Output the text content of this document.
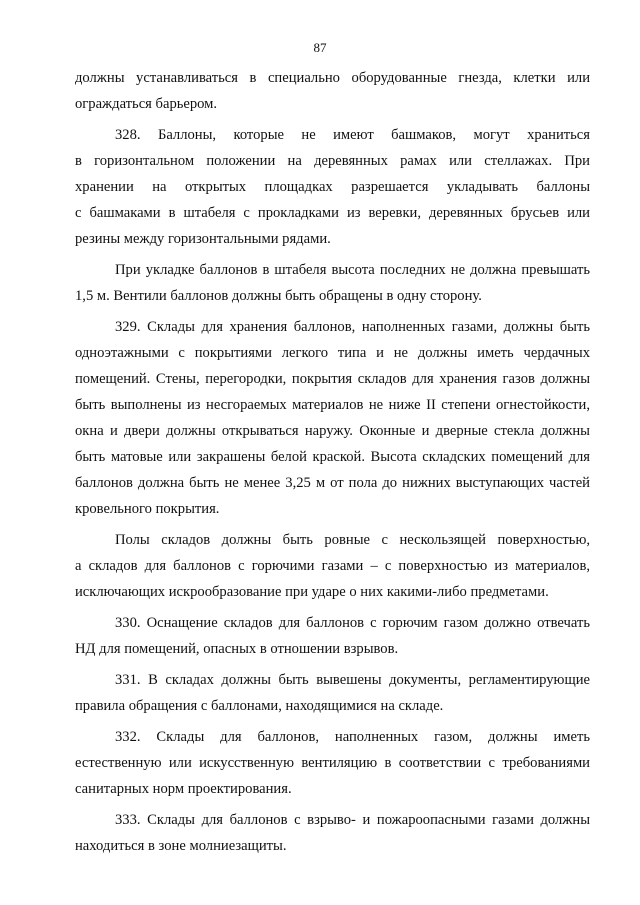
87
должны устанавливаться в специально оборудованные гнезда, клетки или
ограждаться барьером.
328. Баллоны, которые не имеют башмаков, могут храниться
в горизонтальном положении на деревянных рамах или стеллажах. При
хранении на открытых площадках разрешается укладывать баллоны
с башмаками в штабеля с прокладками из веревки, деревянных брусьев или
резины между горизонтальными рядами.
При укладке баллонов в штабеля высота последних не должна превышать
1,5 м. Вентили баллонов должны быть обращены в одну сторону.
329. Склады для хранения баллонов, наполненных газами, должны быть
одноэтажными с покрытиями легкого типа и не должны иметь чердачных
помещений. Стены, перегородки, покрытия складов для хранения газов должны
быть выполнены из несгораемых материалов не ниже II степени огнестойкости,
окна и двери должны открываться наружу. Оконные и дверные стекла должны
быть матовые или закрашены белой краской. Высота складских помещений для
баллонов должна быть не менее 3,25 м от пола до нижних выступающих частей
кровельного покрытия.
Полы складов должны быть ровные с нескользящей поверхностью,
а складов для баллонов с горючими газами – с поверхностью из материалов,
исключающих искрообразование при ударе о них какими-либо предметами.
330. Оснащение складов для баллонов с горючим газом должно отвечать
НД для помещений, опасных в отношении взрывов.
331. В складах должны быть вывешены документы, регламентирующие
правила обращения с баллонами, находящимися на складе.
332. Склады для баллонов, наполненных газом, должны иметь
естественную или искусственную вентиляцию в соответствии с требованиями
санитарных норм проектирования.
333. Склады для баллонов с взрыво- и пожароопасными газами должны
находиться в зоне молниезащиты.
